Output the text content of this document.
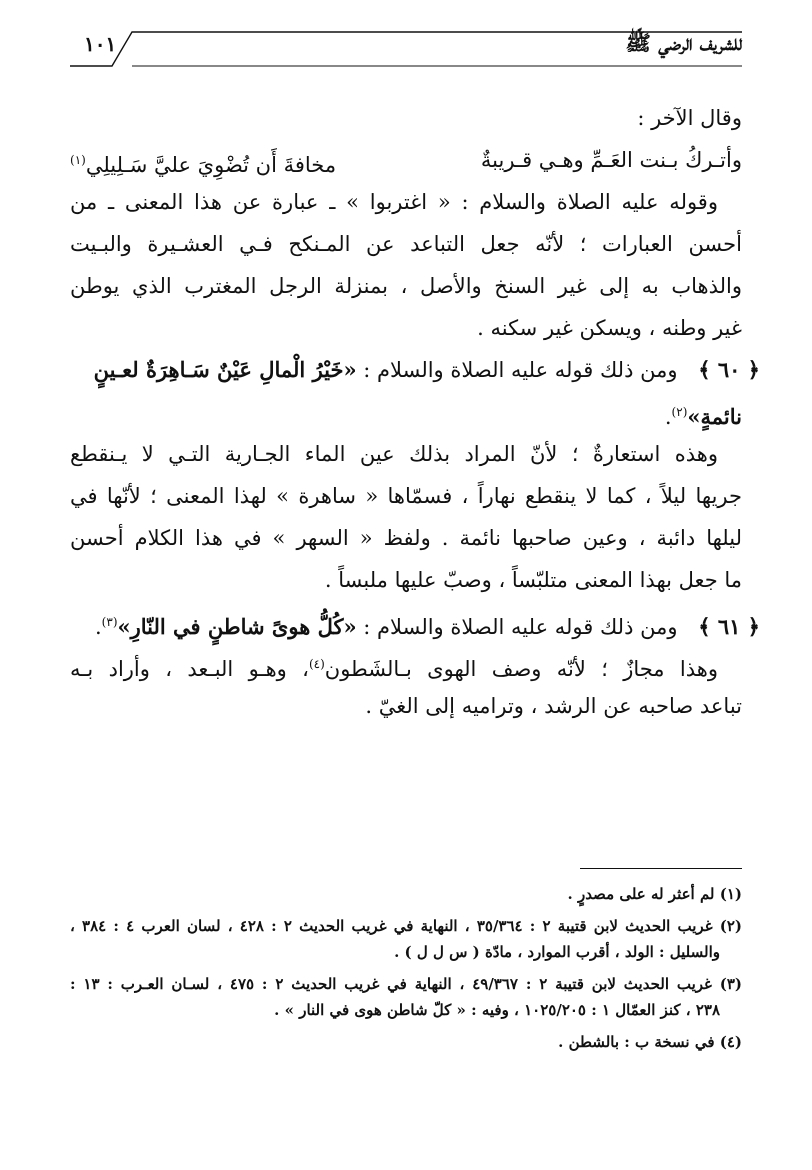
١٠١	للشريف الرضي ﷺ
وقال الآخر :
وأتـركُ بـنت العَـمِّ وهـي قـريبةٌ
مخافةَ أَن تُضْوِيَ عليَّ سَـلِيلِي$^{(١)}$
وقوله عليه الصلاة والسلام : « اغتربوا » ـ عبارة عن هذا المعنى ـ من
أحسن العبارات ؛ لأنّه جعل التباعد عن المـنكح فـي العشـيرة والبـيت
والذهاب به إلى غير السنخ والأصل ، بمنزلة الرجل المغترب الذي يوطن
غير وطنه ، ويسكن غير سكنه .
﴿ ٦٠ ﴾ ومن ذلك قوله عليه الصلاة والسلام : «خَيْرُ الْمالِ عَيْنٌ سَـاهِرَةٌ لعـينٍ
نائمةٍ»$^{(٢)}$.
وهذه استعارةٌ ؛ لأنّ المراد بذلك عين الماء الجـارية التـي لا يـنقطع
جريها ليلاً ، كما لا ينقطع نهاراً ، فسمّاها « ساهرة » لهذا المعنى ؛ لأنّها في
ليلها دائبة ، وعين صاحبها نائمة . ولفظ « السهر » في هذا الكلام أحسن
ما جعل بهذا المعنى متلبّساً ، وصبّ عليها ملبساً .
﴿ ٦١ ﴾ ومن ذلك قوله عليه الصلاة والسلام : «كُلُّ هوىً شاطنٍ في النّارِ»$^{(٣)}$.
وهذا مجازٌ ؛ لأنّه وصف الهوى بـالشَطون$^{(٤)}$، وهـو البـعد ، وأراد بـه
تباعد صاحبه عن الرشد ، وترامیه إلى الغيّ .
(١) لم أعثر له على مصدرٍ .
(٢) غريب الحديث لابن قتيبة ٢ : ٣٥/٣٦٤ ، النهاية في غريب الحديث ٢ : ٤٢٨ ، لسان العرب ٤ : ٣٨٤ ،
والسليل : الولد ، أقرب الموارد ، مادّة ( س ل ل ) .
(٣) غريب الحديث لابن قتيبة ٢ : ٤٩/٣٦٧ ، النهاية في غريب الحديث ٢ : ٤٧٥ ، لسـان العـرب : ١٣ :
٢٣٨ ، كنز العمّال ١ : ١٠٢٥/٢٠٥ ، وفيه : « كلّ شاطن هوى في النار » .
(٤) في نسخة ب : بالشطن .
